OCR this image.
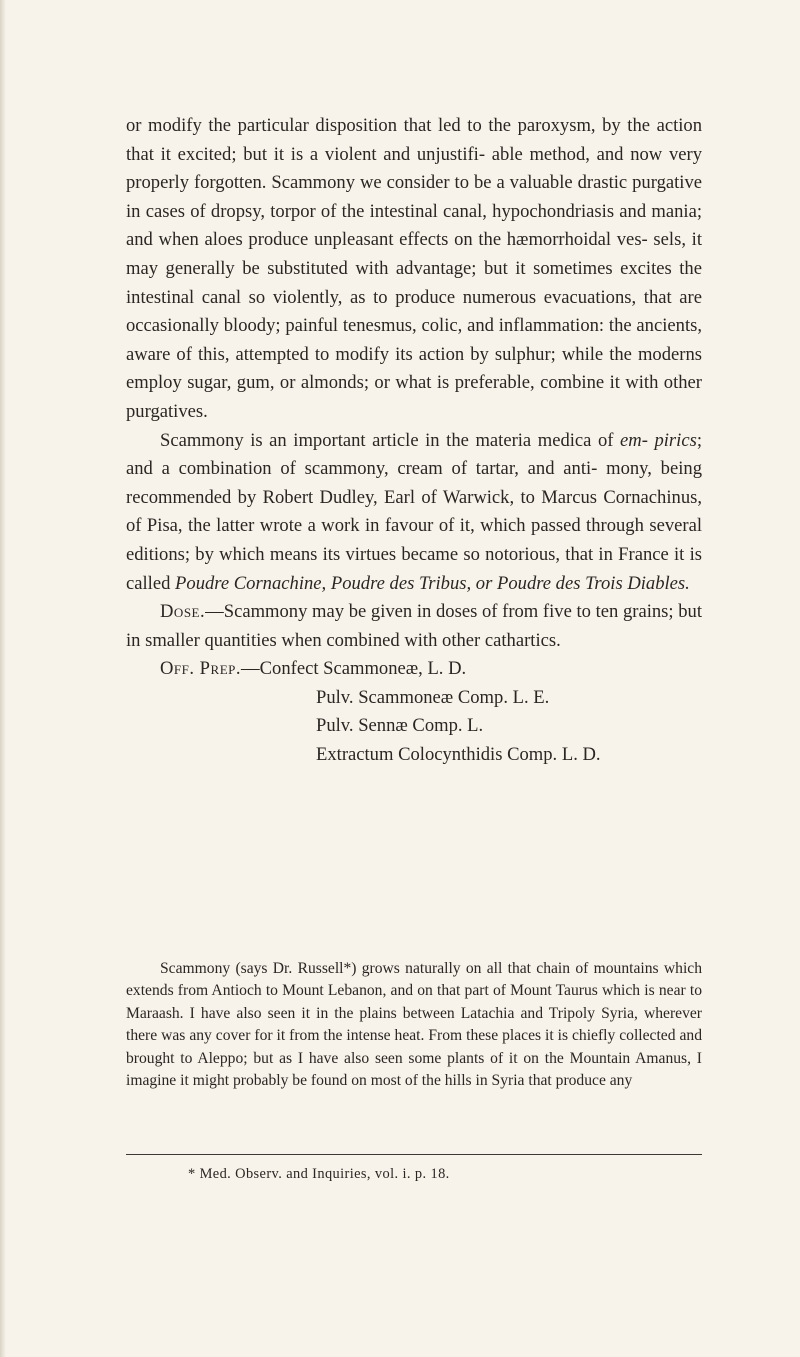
or modify the particular disposition that led to the paroxysm, by the action that it excited; but it is a violent and unjustifi- able method, and now very properly forgotten. Scammony we consider to be a valuable drastic purgative in cases of dropsy, torpor of the intestinal canal, hypochondriasis and mania; and when aloes produce unpleasant effects on the hæmorrhoidal ves- sels, it may generally be substituted with advantage; but it sometimes excites the intestinal canal so violently, as to produce numerous evacuations, that are occasionally bloody; painful tenesmus, colic, and inflammation: the ancients, aware of this, attempted to modify its action by sulphur; while the moderns employ sugar, gum, or almonds; or what is preferable, combine it with other purgatives.

Scammony is an important article in the materia medica of em- pirics; and a combination of scammony, cream of tartar, and anti- mony, being recommended by Robert Dudley, Earl of Warwick, to Marcus Cornachinus, of Pisa, the latter wrote a work in favour of it, which passed through several editions; by which means its virtues became so notorious, that in France it is called Poudre Cornachine, Poudre des Tribus, or Poudre des Trois Diables.

Dose.—Scammony may be given in doses of from five to ten grains; but in smaller quantities when combined with other cathartics.

Off. Prep.—Confect Scammoneæ, L. D.
Pulv. Scammoneæ Comp. L. E.
Pulv. Sennæ Comp. L.
Extractum Colocynthidis Comp. L. D.

Scammony (says Dr. Russell*) grows naturally on all that chain of mountains which extends from Antioch to Mount Lebanon, and on that part of Mount Taurus which is near to Maraash. I have also seen it in the plains between Latachia and Tripoly Syria, wherever there was any cover for it from the intense heat. From these places it is chiefly collected and brought to Aleppo; but as I have also seen some plants of it on the Mountain Amanus, I imagine it might probably be found on most of the hills in Syria that produce any

* Med. Observ. and Inquiries, vol. i. p. 18.
